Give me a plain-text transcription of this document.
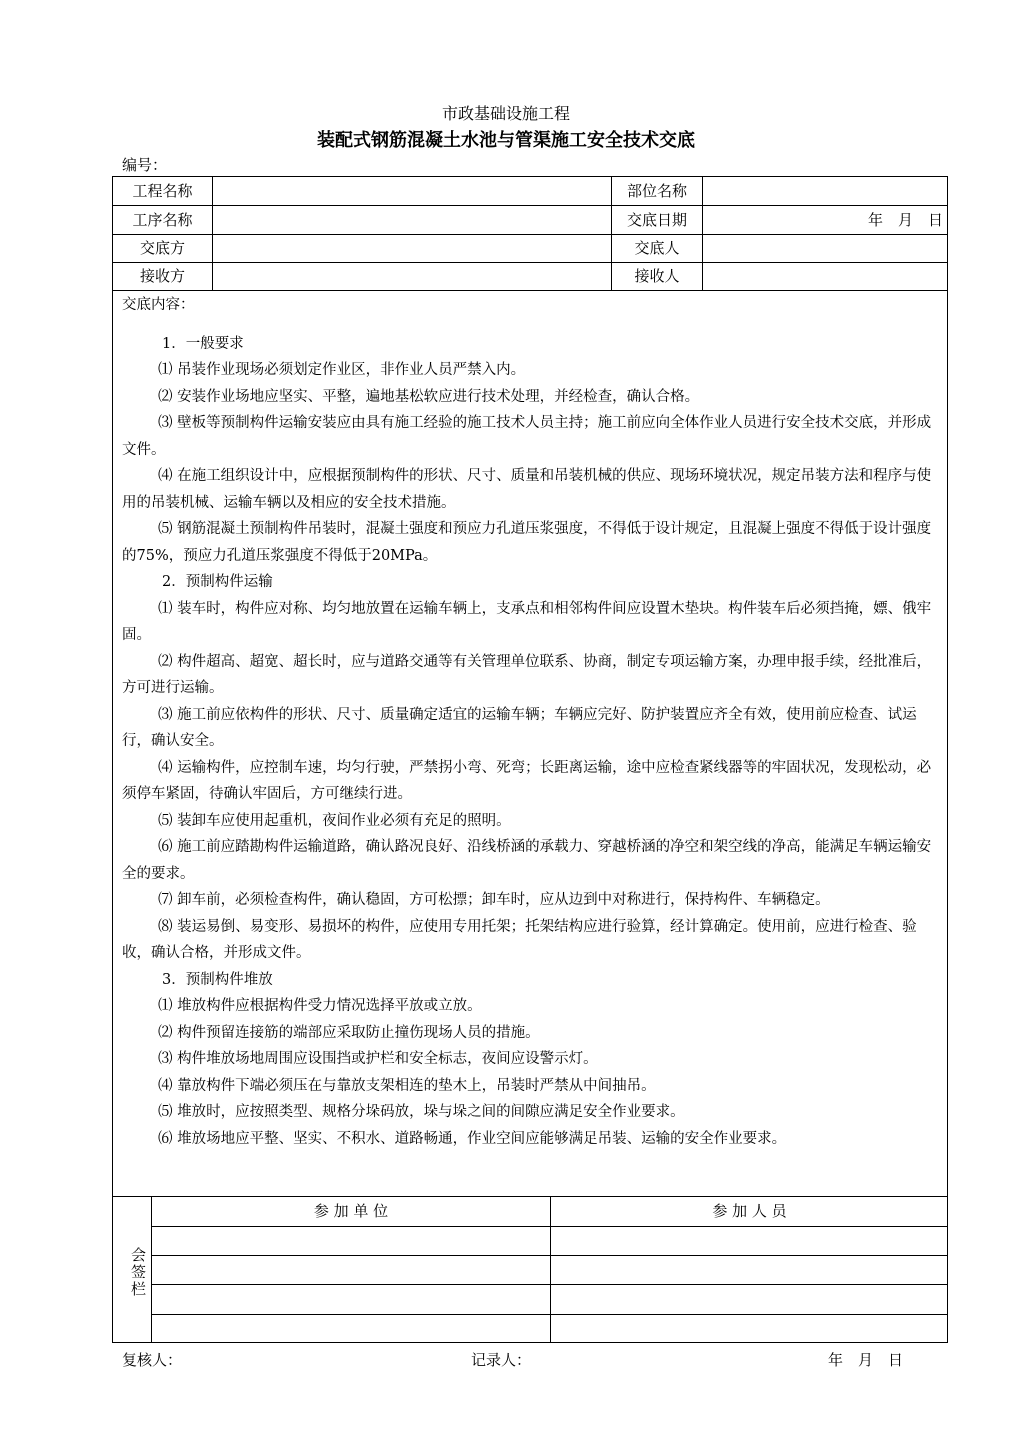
市政基础设施工程
装配式钢筋混凝土水池与管渠施工安全技术交底
编号：
工程名称	部位名称
工序名称	交底日期	年　月　日
交底方	交底人
接收方	接收人
会签栏
参 加 单 位	参 加 人 员

交底内容：

1．一般要求

⑴ 吊装作业现场必须划定作业区，非作业人员严禁入内。

⑵ 安装作业场地应坚实、平整，遍地基松软应进行技术处理，并经检查，确认合格。

⑶ 壁板等预制构件运输安装应由具有施工经验的施工技术人员主持；施工前应向全体作业人员进行安全技术交底，并形成文件。

⑷ 在施工组织设计中，应根据预制构件的形状、尺寸、质量和吊装机械的供应、现场环境状况，规定吊装方法和程序与使用的吊装机械、运输车辆以及相应的安全技术措施。

⑸ 钢筋混凝土预制构件吊装时，混凝土强度和预应力孔道压浆强度，不得低于设计规定，且混凝上强度不得低于设计强度的75%，预应力孔道压浆强度不得低于20MPa。

2．预制构件运输

⑴ 装车时，构件应对称、均匀地放置在运输车辆上，支承点和相邻构件间应设置木垫块。构件装车后必须挡掩，嫖、俄牢固。

⑵ 构件超高、超宽、超长时，应与道路交通等有关管理单位联系、协商，制定专项运输方案，办理申报手续，经批准后，方可进行运输。

⑶ 施工前应依构件的形状、尺寸、质量确定适宜的运输车辆；车辆应完好、防护装置应齐全有效，使用前应检查、试运行，确认安全。

⑷ 运输构件，应控制车速，均匀行驶，严禁拐小弯、死弯；长距离运输，途中应检查紧线器等的牢固状况，发现松动，必须停车紧固，待确认牢固后，方可继续行进。

⑸ 装卸车应使用起重机，夜间作业必须有充足的照明。

⑹ 施工前应踏勘构件运输道路，确认路况良好、沿线桥涵的承载力、穿越桥涵的净空和架空线的净高，能满足车辆运输安全的要求。

⑺ 卸车前，必须检查构件，确认稳固，方可松摽；卸车时，应从边到中对称进行，保持构件、车辆稳定。

⑻ 装运易倒、易变形、易损坏的构件，应使用专用托架；托架结构应进行验算，经计算确定。使用前，应进行检查、验收，确认合格，并形成文件。

3．预制构件堆放

⑴ 堆放构件应根据构件受力情况选择平放或立放。

⑵ 构件预留连接筋的端部应采取防止撞伤现场人员的措施。

⑶ 构件堆放场地周围应设围挡或护栏和安全标志，夜间应设警示灯。

⑷ 靠放构件下端必须压在与靠放支架相连的垫木上，吊装时严禁从中间抽吊。

⑸ 堆放时，应按照类型、规格分垛码放，垛与垛之间的间隙应满足安全作业要求。

⑹ 堆放场地应平整、坚实、不积水、道路畅通，作业空间应能够满足吊装、运输的安全作业要求。

复核人：	记录人：	年　月　日
